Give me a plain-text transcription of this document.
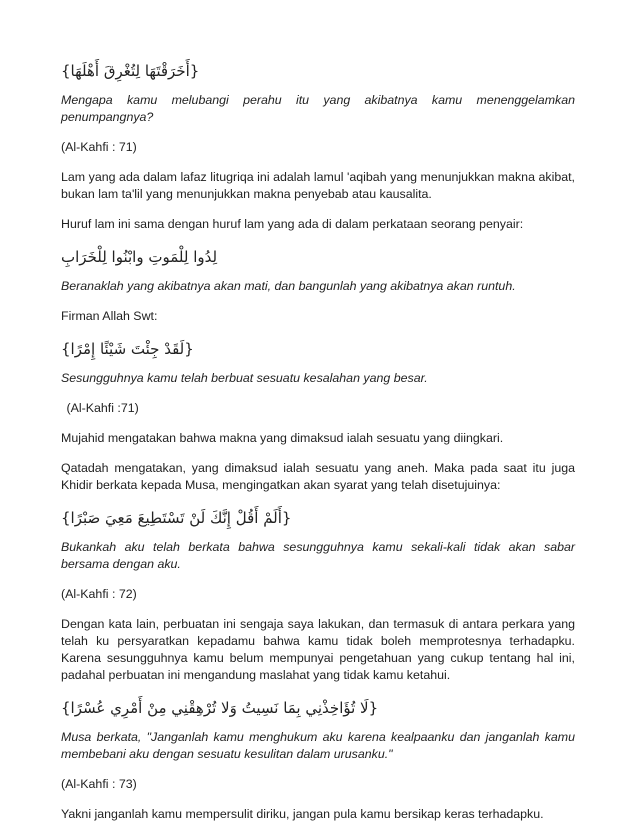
{أَخَرَقْتَهَا لِتُغْرِقَ أَهْلَهَا}

Mengapa kamu melubangi perahu itu yang akibatnya kamu menenggelamkan penumpangnya?

(Al-Kahfi : 71)

Lam yang ada dalam lafaz litugriqa ini adalah lamul 'aqibah yang menunjukkan makna akibat, bukan lam ta'lil yang menunjukkan makna penyebab atau kausalita.

Huruf lam ini sama dengan huruf lam yang ada di dalam perkataan seorang penyair:

لِدُوا لِلْمَوتِ وابْنُوا لِلْخَرَابِ

Beranaklah yang akibatnya akan mati, dan bangunlah yang akibatnya akan runtuh.

Firman Allah Swt:

{لَقَدْ جِئْتَ شَيْئًا إِمْرًا}

Sesungguhnya kamu telah berbuat sesuatu kesalahan yang besar.

(Al-Kahfi :71)

Mujahid mengatakan bahwa makna yang dimaksud ialah sesuatu yang diingkari.

Qatadah mengatakan, yang dimaksud ialah sesuatu yang aneh. Maka pada saat itu juga Khidir berkata kepada Musa, mengingatkan akan syarat yang telah disetujuinya:

{أَلَمْ أَقُلْ إِنَّكَ لَنْ تَسْتَطِيعَ مَعِيَ صَبْرًا}

Bukankah aku telah berkata bahwa sesungguhnya kamu sekali-kali tidak akan sabar bersama dengan aku.

(Al-Kahfi : 72)

Dengan kata lain, perbuatan ini sengaja saya lakukan, dan termasuk di antara perkara yang telah ku persyaratkan kepadamu bahwa kamu tidak boleh memprotesnya terhadapku. Karena sesungguhnya kamu belum mempunyai pengetahuan yang cukup tentang hal ini, padahal perbuatan ini mengandung maslahat yang tidak kamu ketahui.

{لَا تُؤَاخِذْنِي بِمَا نَسِيتُ وَلا تُرْهِقْنِي مِنْ أَمْرِي عُسْرًا}

Musa berkata, "Janganlah kamu menghukum aku karena kealpaanku dan janganlah kamu membebani aku dengan sesuatu kesulitan dalam urusanku."

(Al-Kahfi : 73)

Yakni janganlah kamu mempersulit diriku, jangan pula kamu bersikap keras terhadapku.
